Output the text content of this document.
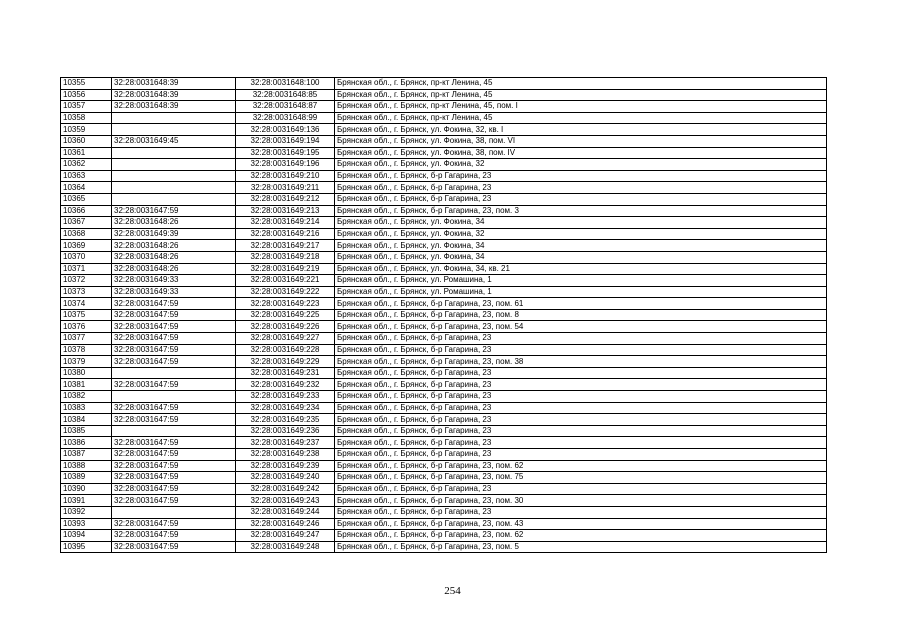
10355	32:28:0031648:39	32:28:0031648:100	Брянская обл., г. Брянск, пр-кт Ленина, 45
10356	32:28:0031648:39	32:28:0031648:85	Брянская обл., г. Брянск, пр-кт Ленина, 45
10357	32:28:0031648:39	32:28:0031648:87	Брянская обл., г. Брянск, пр-кт Ленина, 45, пом. I
10358		32:28:0031648:99	Брянская обл., г. Брянск, пр-кт Ленина, 45
10359		32:28:0031649:136	Брянская обл., г. Брянск, ул. Фокина, 32, кв. I
10360	32:28:0031649:45	32:28:0031649:194	Брянская обл., г. Брянск, ул. Фокина, 38, пом. VI
10361		32:28:0031649:195	Брянская обл., г. Брянск, ул. Фокина, 38, пом. IV
10362		32:28:0031649:196	Брянская обл., г. Брянск, ул. Фокина, 32
10363		32:28:0031649:210	Брянская обл., г. Брянск, б-р Гагарина, 23
10364		32:28:0031649:211	Брянская обл., г. Брянск, б-р Гагарина, 23
10365		32:28:0031649:212	Брянская обл., г. Брянск, б-р Гагарина, 23
10366	32:28:0031647:59	32:28:0031649:213	Брянская обл., г. Брянск, б-р Гагарина, 23, пом. 3
10367	32:28:0031648:26	32:28:0031649:214	Брянская обл., г. Брянск, ул. Фокина, 34
10368	32:28:0031649:39	32:28:0031649:216	Брянская обл., г. Брянск, ул. Фокина, 32
10369	32:28:0031648:26	32:28:0031649:217	Брянская обл., г. Брянск, ул. Фокина, 34
10370	32:28:0031648:26	32:28:0031649:218	Брянская обл., г. Брянск, ул. Фокина, 34
10371	32:28:0031648:26	32:28:0031649:219	Брянская обл., г. Брянск, ул. Фокина, 34, кв. 21
10372	32:28:0031649:33	32:28:0031649:221	Брянская обл., г. Брянск, ул. Ромашина, 1
10373	32:28:0031649:33	32:28:0031649:222	Брянская обл., г. Брянск, ул. Ромашина, 1
10374	32:28:0031647:59	32:28:0031649:223	Брянская обл., г. Брянск, б-р Гагарина, 23, пом. 61
10375	32:28:0031647:59	32:28:0031649:225	Брянская обл., г. Брянск, б-р Гагарина, 23, пом. 8
10376	32:28:0031647:59	32:28:0031649:226	Брянская обл., г. Брянск, б-р Гагарина, 23, пом. 54
10377	32:28:0031647:59	32:28:0031649:227	Брянская обл., г. Брянск, б-р Гагарина, 23
10378	32:28:0031647:59	32:28:0031649:228	Брянская обл., г. Брянск, б-р Гагарина, 23
10379	32:28:0031647:59	32:28:0031649:229	Брянская обл., г. Брянск, б-р Гагарина, 23, пом. 38
10380		32:28:0031649:231	Брянская обл., г. Брянск, б-р Гагарина, 23
10381	32:28:0031647:59	32:28:0031649:232	Брянская обл., г. Брянск, б-р Гагарина, 23
10382		32:28:0031649:233	Брянская обл., г. Брянск, б-р Гагарина, 23
10383	32:28:0031647:59	32:28:0031649:234	Брянская обл., г. Брянск, б-р Гагарина, 23
10384	32:28:0031647:59	32:28:0031649:235	Брянская обл., г. Брянск, б-р Гагарина, 23
10385		32:28:0031649:236	Брянская обл., г. Брянск, б-р Гагарина, 23
10386	32:28:0031647:59	32:28:0031649:237	Брянская обл., г. Брянск, б-р Гагарина, 23
10387	32:28:0031647:59	32:28:0031649:238	Брянская обл., г. Брянск, б-р Гагарина, 23
10388	32:28:0031647:59	32:28:0031649:239	Брянская обл., г. Брянск, б-р Гагарина, 23, пом. 62
10389	32:28:0031647:59	32:28:0031649:240	Брянская обл., г. Брянск, б-р Гагарина, 23, пом. 75
10390	32:28:0031647:59	32:28:0031649:242	Брянская обл., г. Брянск, б-р Гагарина, 23
10391	32:28:0031647:59	32:28:0031649:243	Брянская обл., г. Брянск, б-р Гагарина, 23, пом. 30
10392		32:28:0031649:244	Брянская обл., г. Брянск, б-р Гагарина, 23
10393	32:28:0031647:59	32:28:0031649:246	Брянская обл., г. Брянск, б-р Гагарина, 23, пом. 43
10394	32:28:0031647:59	32:28:0031649:247	Брянская обл., г. Брянск, б-р Гагарина, 23, пом. 62
10395	32:28:0031647:59	32:28:0031649:248	Брянская обл., г. Брянск, б-р Гагарина, 23, пом. 5
254
